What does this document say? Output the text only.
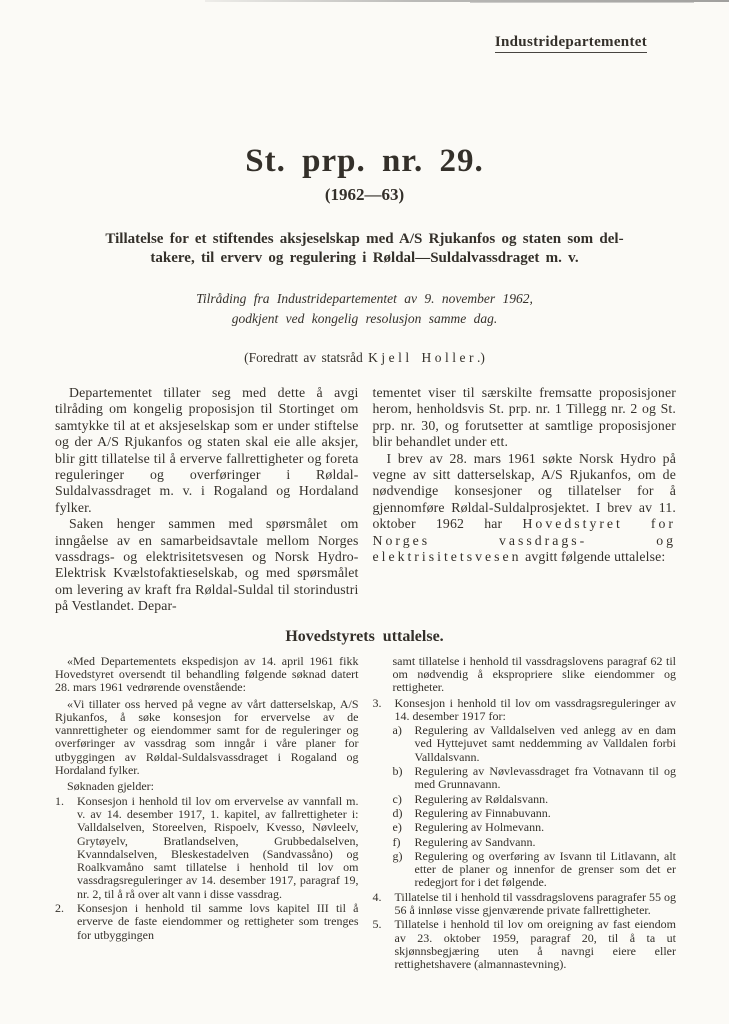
Industridepartementet
St. prp. nr. 29.
(1962—63)
Tillatelse for et stiftendes aksjeselskap med A/S Rjukanfos og staten som del-
takere, til erverv og regulering i Røldal—Suldalvassdraget m. v.
Tilråding fra Industridepartementet av 9. november 1962,
godkjent ved kongelig resolusjon samme dag.
(Foredratt av statsråd Kjell Holler.)

Departementet tillater seg med dette å avgi tilråding om kongelig proposisjon til Stortinget om samtykke til at et aksjeselskap som er under stiftelse og der A/S Rjukanfos og staten skal eie alle aksjer, blir gitt tillatelse til å erverve fallrettigheter og foreta reguleringer og overføringer i Røldal-Suldalvassdraget m. v. i Rogaland og Hordaland fylker.

Saken henger sammen med spørsmålet om inngåelse av en samarbeidsavtale mellom Norges vassdrags- og elektrisitetsvesen og Norsk Hydro-Elektrisk Kvælstofaktieselskab, og med spørsmålet om levering av kraft fra Røldal-Suldal til storindustri på Vestlandet. Depar-

tementet viser til særskilte fremsatte proposisjoner herom, henholdsvis St. prp. nr. 1 Tillegg nr. 2 og St. prp. nr. 30, og forutsetter at samtlige proposisjoner blir behandlet under ett.

I brev av 28. mars 1961 søkte Norsk Hydro på vegne av sitt datterselskap, A/S Rjukanfos, om de nødvendige konsesjoner og tillatelser for å gjennomføre Røldal-Suldalprosjektet. I brev av 11. oktober 1962 har Hovedstyret for Norges vassdrags- og elektrisitetsvesen avgitt følgende uttalelse:

Hovedstyrets uttalelse.

«Med Departementets ekspedisjon av 14. april 1961 fikk Hovedstyret oversendt til behandling følgende søknad datert 28. mars 1961 vedrørende ovenstående:

«Vi tillater oss herved på vegne av vårt datterselskap, A/S Rjukanfos, å søke konsesjon for ervervelse av de vannrettigheter og eiendommer samt for de reguleringer og overføringer av vassdrag som inngår i våre planer for utbyggingen av Røldal-Suldalsvassdraget i Rogaland og Hordaland fylker.

Søknaden gjelder:
1.	Konsesjon i henhold til lov om ervervelse av vannfall m. v. av 14. desember 1917, 1. kapitel, av fallrettigheter i: Valldalselven, Storeelven, Rispoelv, Kvesso, Nøvleelv, Grytøyelv, Bratlandselven, Grubbedalselven, Kvanndalselven, Bleskestadelven (Sandvassåno) og Roalkvamåno samt tillatelse i henhold til lov om vassdragsreguleringer av 14. desember 1917, paragraf 19, nr. 2, til å rå over alt vann i disse vassdrag.
2.	Konsesjon i henhold til samme lovs kapitel III til å erverve de faste eiendommer og rettigheter som trenges for utbyggingen

samt tillatelse i henhold til vassdragslovens paragraf 62 til om nødvendig å ekspropriere slike eiendommer og rettigheter.

3.	Konsesjon i henhold til lov om vassdragsreguleringer av 14. desember 1917 for:
a)	Regulering av Valldalselven ved anlegg av en dam ved Hyttejuvet samt neddemming av Valldalen forbi Valldalsvann.
b)	Regulering av Nøvlevassdraget fra Votnavann til og med Grunnavann.
c)	Regulering av Røldalsvann.
d)	Regulering av Finnabuvann.
e)	Regulering av Holmevann.
f)	Regulering av Sandvann.
g)	Regulering og overføring av Isvann til Litlavann, alt etter de planer og innenfor de grenser som det er redegjort for i det følgende.
4.	Tillatelse til i henhold til vassdragslovens paragrafer 55 og 56 å innløse visse gjenværende private fallrettigheter.
5.	Tillatelse i henhold til lov om oreigning av fast eiendom av 23. oktober 1959, paragraf 20, til å ta ut skjønnsbegjæring uten å navngi eiere eller rettighetshavere (almannastevning).
